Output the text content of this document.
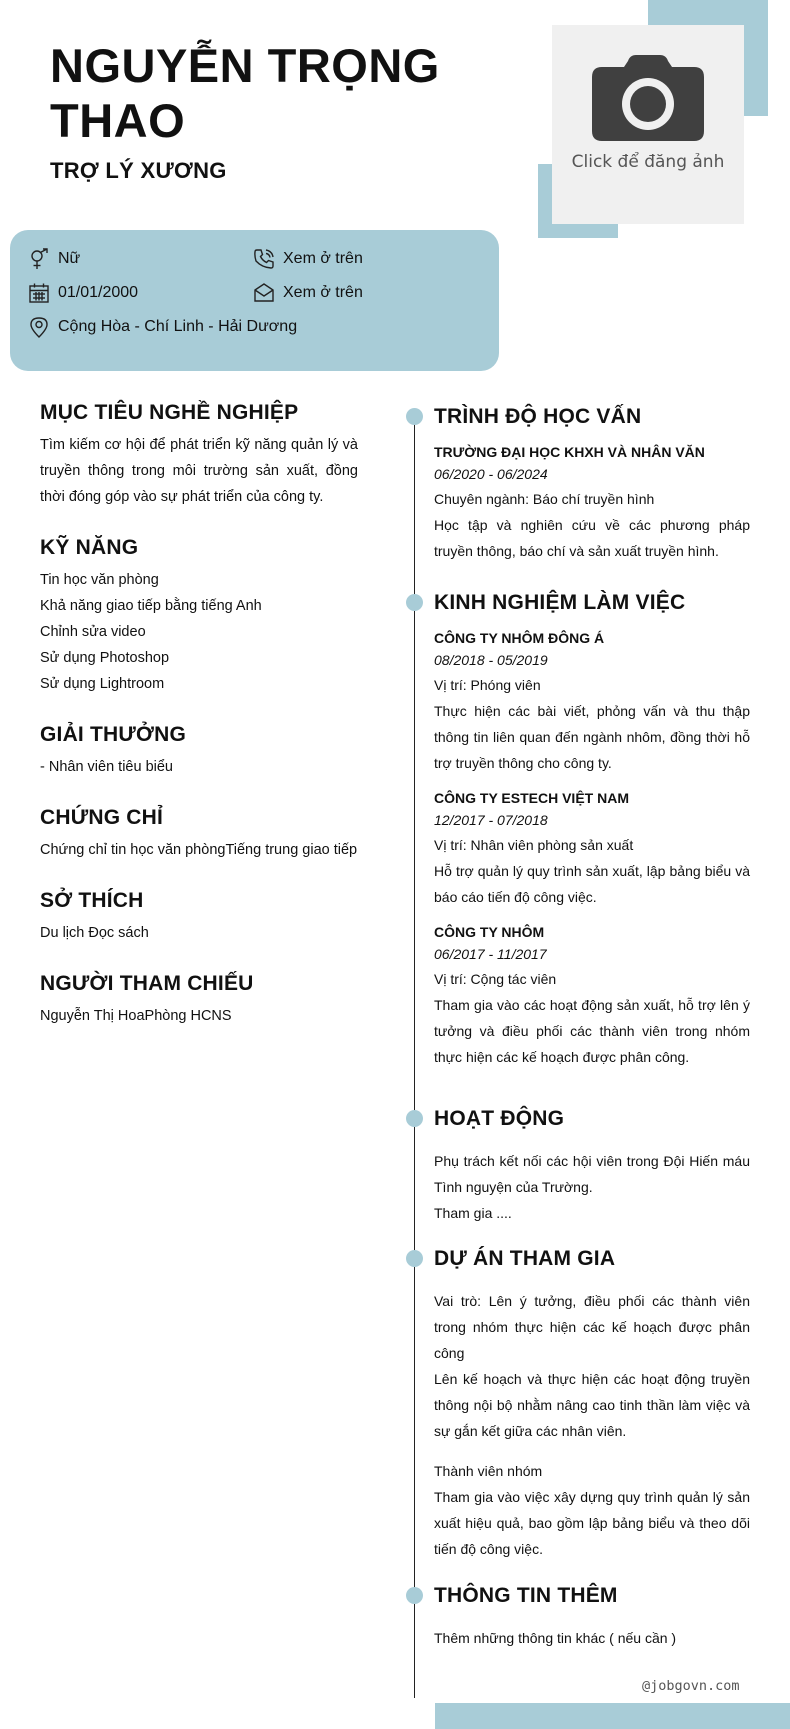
Click để đăng ảnh
NGUYỄN TRỌNG THAO
TRỢ LÝ XƯƠNG
Nữ	Xem ở trên
01/01/2000	Xem ở trên
Cộng Hòa - Chí Linh - Hải Dương
MỤC TIÊU NGHỀ NGHIỆP

Tìm kiếm cơ hội để phát triển kỹ năng quản lý và truyền thông trong môi trường sản xuất, đồng thời đóng góp vào sự phát triển của công ty.

KỸ NĂNG
Tin học văn phòng
Khả năng giao tiếp bằng tiếng Anh
Chỉnh sửa video
Sử dụng Photoshop
Sử dụng Lightroom
GIẢI THƯỞNG

- Nhân viên tiêu biểu

CHỨNG CHỈ

Chứng chỉ tin học văn phòngTiếng trung giao tiếp

SỞ THÍCH

Du lịch Đọc sách

NGƯỜI THAM CHIẾU

Nguyễn Thị HoaPhòng HCNS

TRÌNH ĐỘ HỌC VẤN

TRƯỜNG ĐẠI HỌC KHXH VÀ NHÂN VĂN

06/2020 - 06/2024

Chuyên ngành: Báo chí truyền hình

Học tập và nghiên cứu về các phương pháp truyền thông, báo chí và sản xuất truyền hình.

KINH NGHIỆM LÀM VIỆC

CÔNG TY NHÔM ĐÔNG Á

08/2018 - 05/2019

Vị trí: Phóng viên

Thực hiện các bài viết, phỏng vấn và thu thập thông tin liên quan đến ngành nhôm, đồng thời hỗ trợ truyền thông cho công ty.

CÔNG TY ESTECH VIỆT NAM

12/2017 - 07/2018

Vị trí: Nhân viên phòng sản xuất

Hỗ trợ quản lý quy trình sản xuất, lập bảng biểu và báo cáo tiến độ công việc.

CÔNG TY NHÔM

06/2017 - 11/2017

Vị trí: Cộng tác viên

Tham gia vào các hoạt động sản xuất, hỗ trợ lên ý tưởng và điều phối các thành viên trong nhóm thực hiện các kế hoạch được phân công.

HOẠT ĐỘNG

Phụ trách kết nối các hội viên trong Đội Hiến máu Tình nguyện của Trường.

Tham gia ....

DỰ ÁN THAM GIA

Vai trò: Lên ý tưởng, điều phối các thành viên trong nhóm thực hiện các kế hoạch được phân công

Lên kế hoạch và thực hiện các hoạt động truyền thông nội bộ nhằm nâng cao tinh thần làm việc và sự gắn kết giữa các nhân viên.

Thành viên nhóm

Tham gia vào việc xây dựng quy trình quản lý sản xuất hiệu quả, bao gồm lập bảng biểu và theo dõi tiến độ công việc.

THÔNG TIN THÊM

Thêm những thông tin khác ( nếu cần )

@jobgovn.com
